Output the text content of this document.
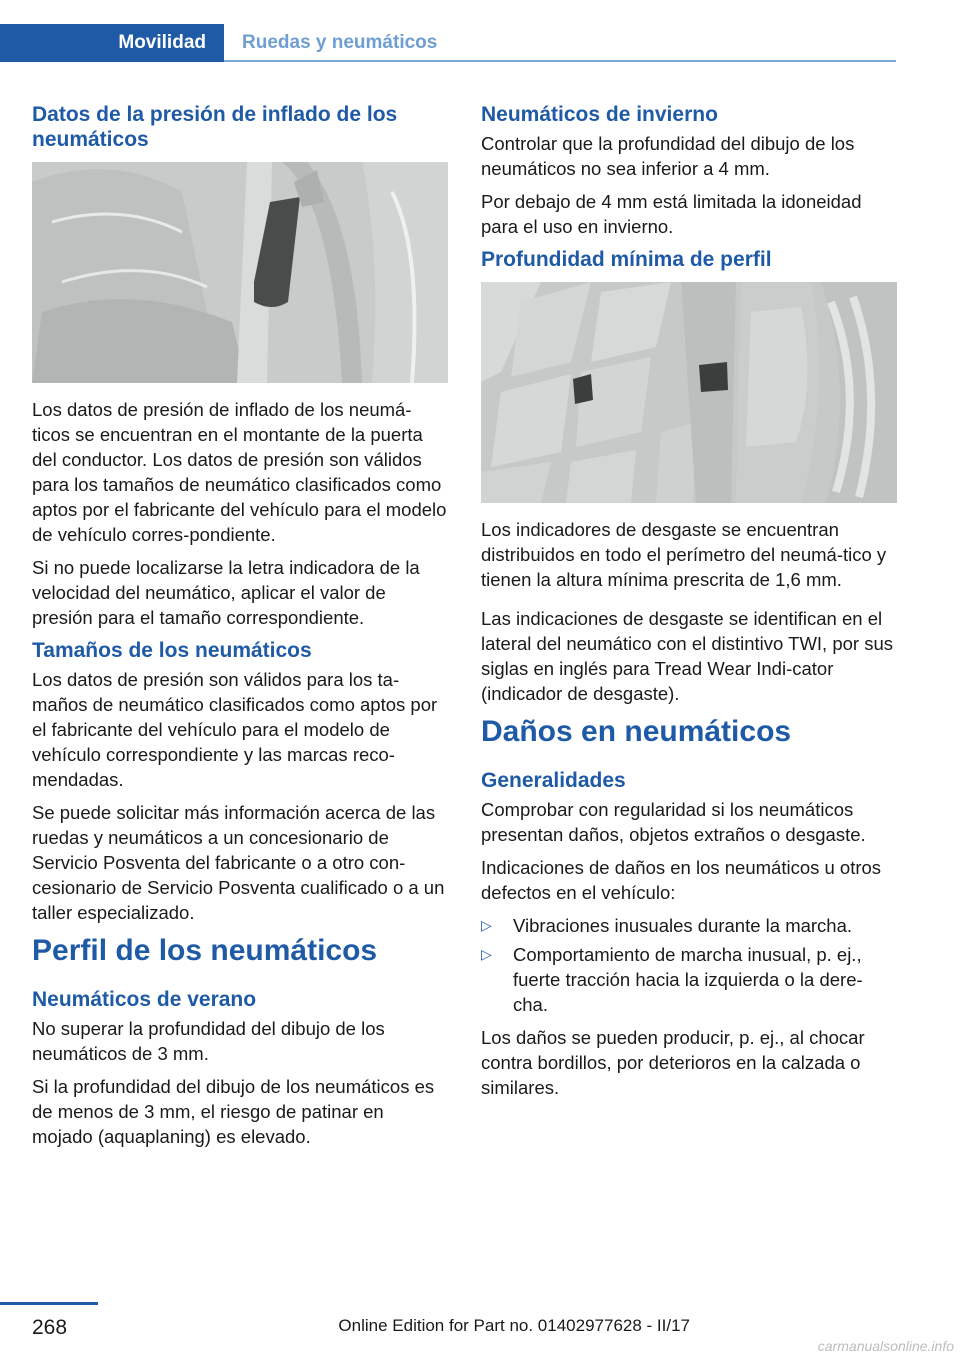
Movilidad	Ruedas y neumáticos
Datos de la presión de inflado de los neumáticos

Los datos de presión de inflado de los neumá‐ticos se encuentran en el montante de la puerta del conductor. Los datos de presión son válidos para los tamaños de neumático clasificados como aptos por el fabricante del vehículo para el modelo de vehículo corres‐pondiente.

Si no puede localizarse la letra indicadora de la velocidad del neumático, aplicar el valor de presión para el tamaño correspondiente.

Tamaños de los neumáticos

Los datos de presión son válidos para los ta‐maños de neumático clasificados como aptos por el fabricante del vehículo para el modelo de vehículo correspondiente y las marcas reco‐mendadas.

Se puede solicitar más información acerca de las ruedas y neumáticos a un concesionario de Servicio Posventa del fabricante o a otro con‐cesionario de Servicio Posventa cualificado o a un taller especializado.

Perfil de los neumáticos
Neumáticos de verano

No superar la profundidad del dibujo de los neumáticos de 3 mm.

Si la profundidad del dibujo de los neumáticos es de menos de 3 mm, el riesgo de patinar en mojado (aquaplaning) es elevado.

Neumáticos de invierno

Controlar que la profundidad del dibujo de los neumáticos no sea inferior a 4 mm.

Por debajo de 4 mm está limitada la idoneidad para el uso en invierno.

Profundidad mínima de perfil

Los indicadores de desgaste se encuentran distribuidos en todo el perímetro del neumá‐tico y tienen la altura mínima prescrita de 1,6 mm.

Las indicaciones de desgaste se identifican en el lateral del neumático con el distintivo TWI, por sus siglas en inglés para Tread Wear Indi‐cator (indicador de desgaste).

Daños en neumáticos
Generalidades

Comprobar con regularidad si los neumáticos presentan daños, objetos extraños o desgaste.

Indicaciones de daños en los neumáticos u otros defectos en el vehículo:

▷	Vibraciones inusuales durante la marcha.
▷	Comportamiento de marcha inusual, p. ej., fuerte tracción hacia la izquierda o la dere‐cha.

Los daños se pueden producir, p. ej., al chocar contra bordillos, por deterioros en la calzada o similares.

268	Online Edition for Part no. 01402977628 - II/17
carmanualsonline.info
